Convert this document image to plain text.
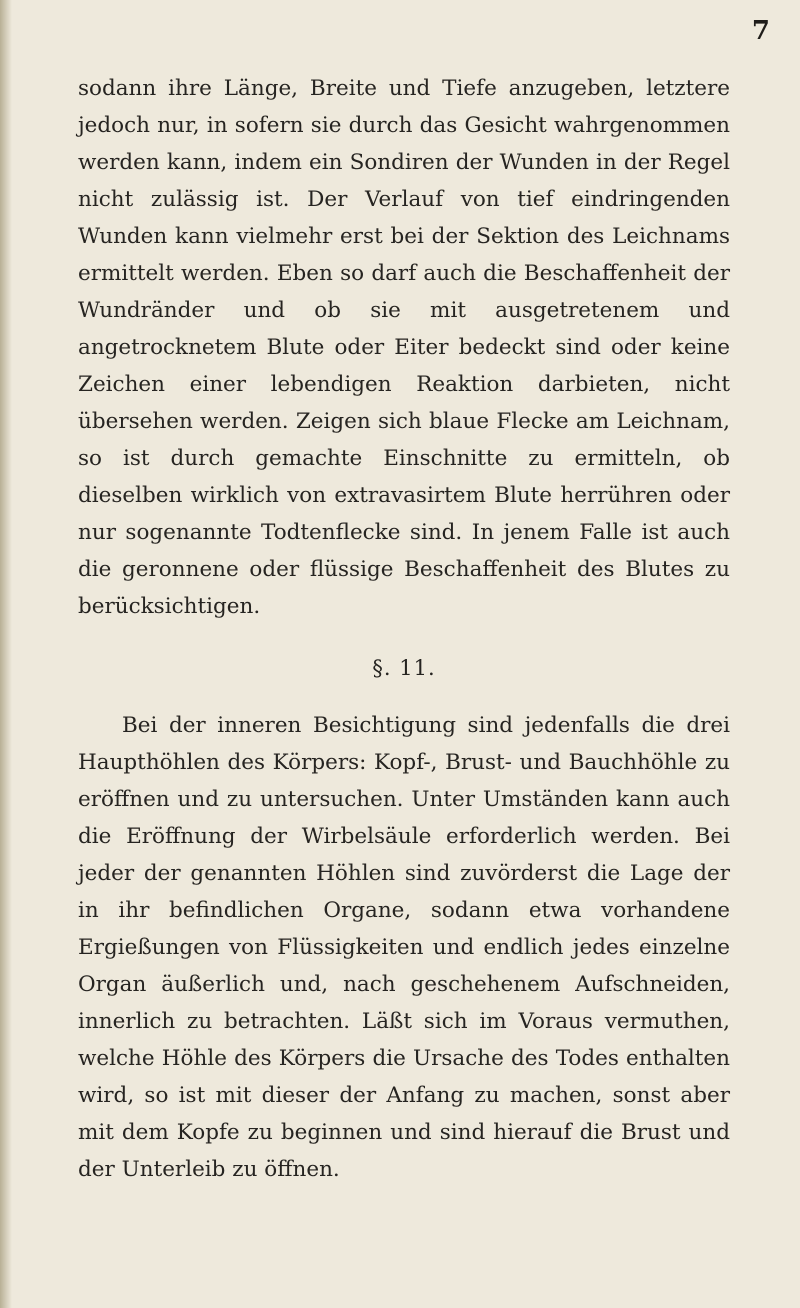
7

sodann ihre Länge, Breite und Tiefe anzugeben, letztere jedoch nur, in sofern sie durch das Gesicht wahrgenommen werden kann, indem ein Sondiren der Wunden in der Regel nicht zulässig ist. Der Verlauf von tief eindringenden Wunden kann vielmehr erst bei der Sektion des Leichnams ermittelt werden. Eben so darf auch die Beschaffenheit der Wundränder und ob sie mit ausgetretenem und angetrocknetem Blute oder Eiter bedeckt sind oder keine Zeichen einer lebendigen Reaktion darbieten, nicht übersehen werden. Zeigen sich blaue Flecke am Leichnam, so ist durch gemachte Einschnitte zu ermitteln, ob dieselben wirklich von extravasirtem Blute herrühren oder nur sogenannte Todtenflecke sind. In jenem Falle ist auch die geronnene oder flüssige Beschaffenheit des Blutes zu berücksichtigen.

§. 11.

Bei der inneren Besichtigung sind jedenfalls die drei Haupthöhlen des Körpers: Kopf-, Brust- und Bauchhöhle zu eröffnen und zu untersuchen. Unter Umständen kann auch die Eröffnung der Wirbelsäule erforderlich werden. Bei jeder der genannten Höhlen sind zuvörderst die Lage der in ihr befindlichen Organe, sodann etwa vorhandene Ergießungen von Flüssigkeiten und endlich jedes einzelne Organ äußerlich und, nach geschehenem Aufschneiden, innerlich zu betrachten. Läßt sich im Voraus vermuthen, welche Höhle des Körpers die Ursache des Todes enthalten wird, so ist mit dieser der Anfang zu machen, sonst aber mit dem Kopfe zu beginnen und sind hierauf die Brust und der Unterleib zu öffnen.
